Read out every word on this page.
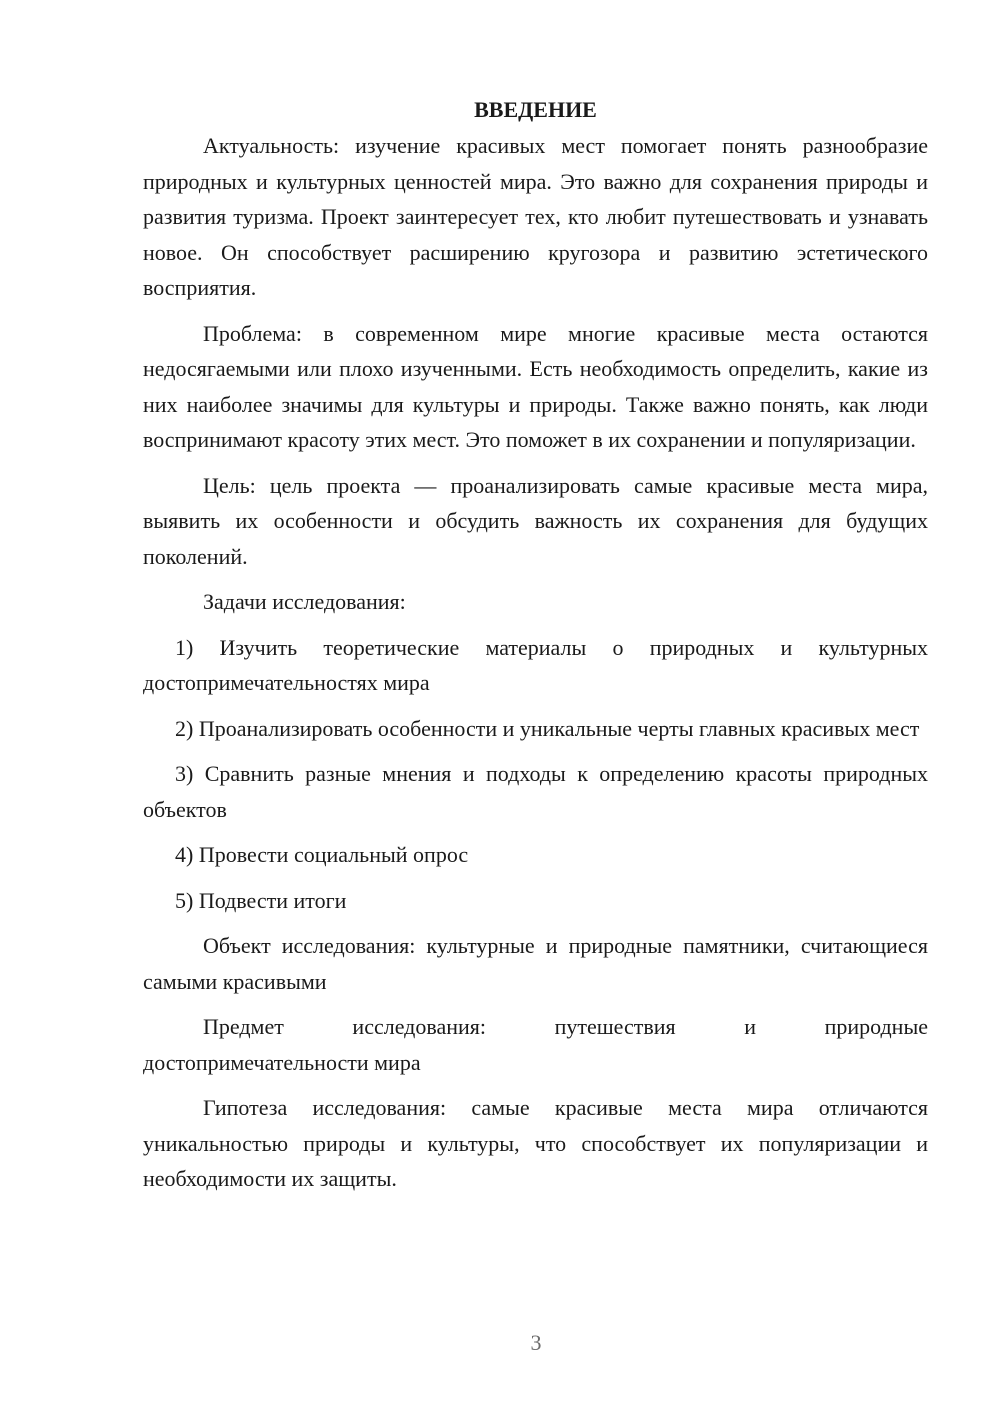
ВВЕДЕНИЕ

Актуальность: изучение красивых мест помогает понять разнообразие природных и культурных ценностей мира. Это важно для сохранения природы и развития туризма. Проект заинтересует тех, кто любит путешествовать и узнавать новое. Он способствует расширению кругозора и развитию эстетического восприятия.

Проблема: в современном мире многие красивые места остаются недосягаемыми или плохо изученными. Есть необходимость определить, какие из них наиболее значимы для культуры и природы. Также важно понять, как люди воспринимают красоту этих мест. Это поможет в их сохранении и популяризации.

Цель: цель проекта — проанализировать самые красивые места мира, выявить их особенности и обсудить важность их сохранения для будущих поколений.

Задачи исследования:

1) Изучить теоретические материалы о природных и культурных достопримечательностях мира

2) Проанализировать особенности и уникальные черты главных красивых мест

3) Сравнить разные мнения и подходы к определению красоты природных объектов

4) Провести социальный опрос

5) Подвести итоги

Объект исследования: культурные и природные памятники, считающиеся самыми красивыми

Предмет исследования: путешествия и природные
достопримечательности мира

Гипотеза исследования: самые красивые места мира отличаются уникальностью природы и культуры, что способствует их популяризации и необходимости их защиты.

3
